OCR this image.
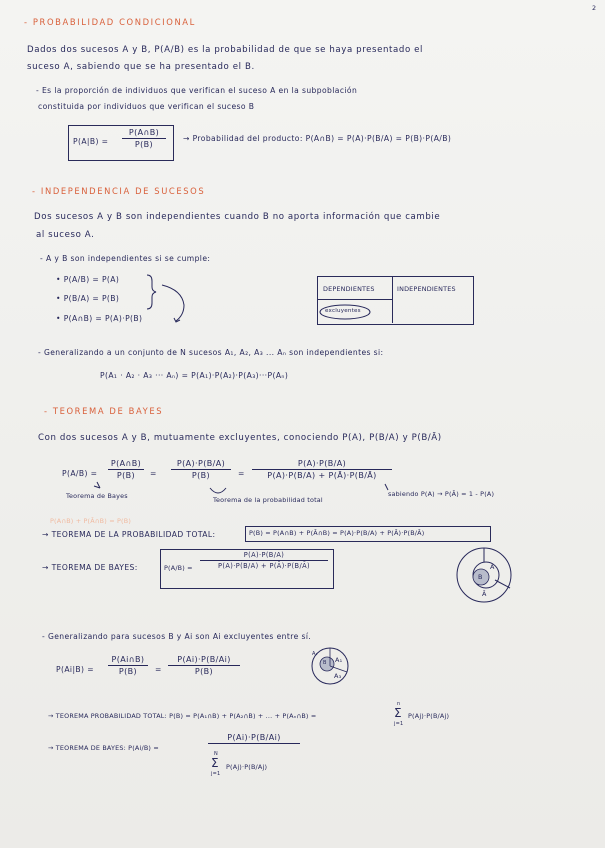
2
- PROBABILIDAD CONDICIONAL
Dados dos sucesos A y B, P(A/B) es la probabilidad de que se haya presentado el
suceso A, sabiendo que se ha presentado el B.
- Es la proporción de individuos que verifican el suceso A en la subpoblación
constituida por individuos que verifican el suceso B
P(A|B) =
P(A∩B)
P(B)
→ Probabilidad del producto: P(A∩B) = P(A)·P(B/A) = P(B)·P(A/B)
- INDEPENDENCIA DE SUCESOS
Dos sucesos A y B son independientes cuando B no aporta información que cambie
al suceso A.
- A y B son independientes si se cumple:
• P(A/B) = P(A)
• P(B/A) = P(B)
• P(A∩B) = P(A)·P(B)
DEPENDIENTES	INDEPENDIENTES
excluyentes
- Generalizando a un conjunto de N sucesos A₁, A₂, A₃ ... Aₙ son independientes si:
P(A₁ · A₂ · A₃ ··· Aₙ) = P(A₁)·P(A₂)·P(A₃)···P(Aₙ)
- TEOREMA DE BAYES
Con dos sucesos A y B, mutuamente excluyentes, conociendo P(A), P(B/A) y P(B/Ā)
P(A/B) =
P(A∩B)
P(B) =
P(A)·P(B/A)
P(B)	=
P(A)·P(B/A)
P(A)·P(B/A) + P(Ā)·P(B/Ā)
Teorema de Bayes	Teorema de la probabilidad total
sabiendo P(A) → P(Ā) = 1 - P(A)
P(A∩B) + P(Ā∩B) = P(B)
→ TEOREMA DE LA PROBABILIDAD TOTAL:	P(B) = P(A∩B) + P(Ā∩B) = P(A)·P(B/A) + P(Ā)·P(B/Ā)
→ TEOREMA DE BAYES:	P(A/B) =
P(A)·P(B/A)
P(A)·P(B/A) + P(Ā)·P(B/Ā)	A
B
Ā
- Generalizando para sucesos B y Ai son Ai excluyentes entre sí.
P(Ai|B) =
P(Ai∩B)
P(B) =
P(Ai)·P(B/Ai)
P(B)
A₁
B
A₂
A₃
→ TEOREMA PROBABILIDAD TOTAL: P(B) = P(A₁∩B) + P(A₂∩B) + ... + P(Aₙ∩B) =
n
Σ
j=1
P(Aj)·P(B/Aj)
→ TEOREMA DE BAYES: P(Ai/B) =
P(Ai)·P(B/Ai)
N
Σ
j=1
P(Aj)·P(B/Aj)
